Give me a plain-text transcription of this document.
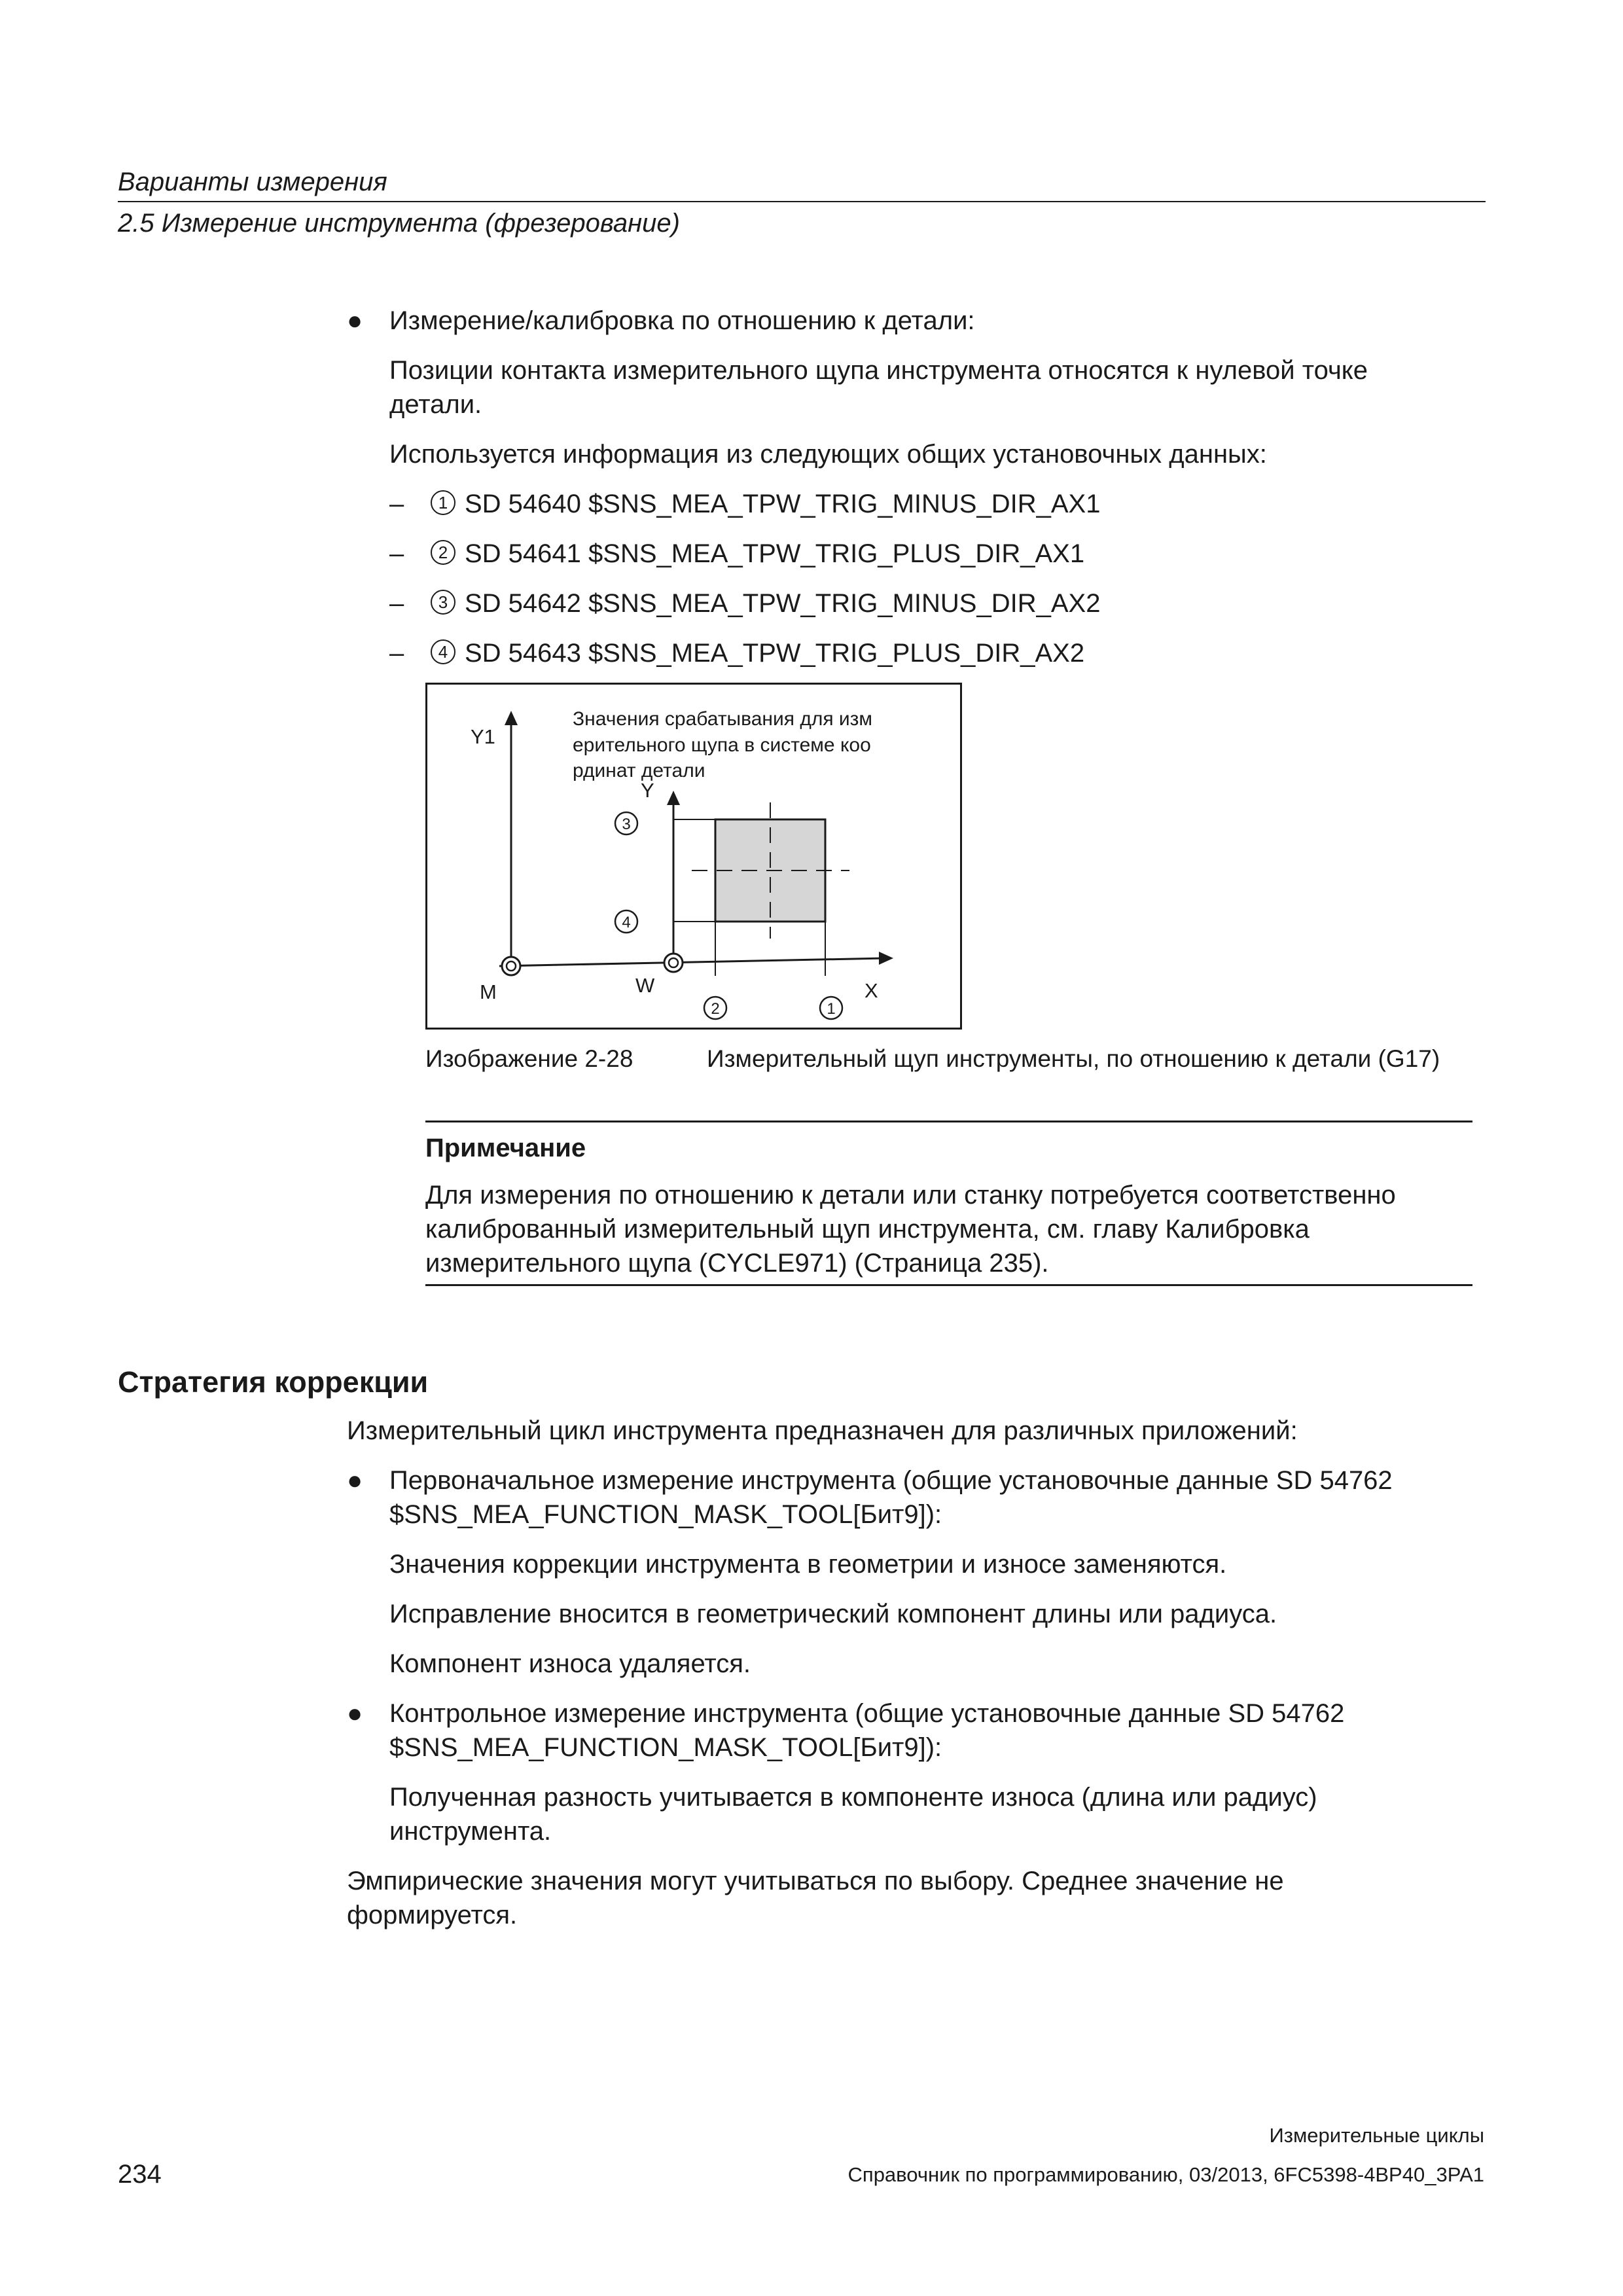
Варианты измерения
2.5 Измерение инструмента (фрезерование)
● Измерение/калибровка по отношению к детали:
Позиции контакта измерительного щупа инструмента относятся к нулевой точке детали.
Используется информация из следующих общих установочных данных:
–	1 SD 54640 $SNS_MEA_TPW_TRIG_MINUS_DIR_AX1
–	2 SD 54641 $SNS_MEA_TPW_TRIG_PLUS_DIR_AX1
–	3 SD 54642 $SNS_MEA_TPW_TRIG_MINUS_DIR_AX2
–	4 SD 54643 $SNS_MEA_TPW_TRIG_PLUS_DIR_AX2
3
4
2	1
Y1
Y
M	W	X
Значения срабатывания для изм
ерительного щупа в системе коо
рдинат детали
Изображение 2-28	Измерительный щуп инструменты, по отношению к детали (G17)
Примечание
Для измерения по отношению к детали или станку потребуется соответственно калиброванный измерительный щуп инструмента, см. главу Калибровка измерительного щупа (CYCLE971) (Страница 235).
Стратегия коррекции
Измерительный цикл инструмента предназначен для различных приложений:
● Первоначальное измерение инструмента (общие установочные данные SD 54762 $SNS_MEA_FUNCTION_MASK_TOOL[Бит9]):
Значения коррекции инструмента в геометрии и износе заменяются.
Исправление вносится в геометрический компонент длины или радиуса.
Компонент износа удаляется.
● Контрольное измерение инструмента (общие установочные данные SD 54762 $SNS_MEA_FUNCTION_MASK_TOOL[Бит9]):
Полученная разность учитывается в компоненте износа (длина или радиус) инструмента.
Эмпирические значения могут учитываться по выбору. Среднее значение не формируется.
Измерительные циклы
234	Справочник по программированию, 03/2013, 6FC5398-4BP40_3PA1
